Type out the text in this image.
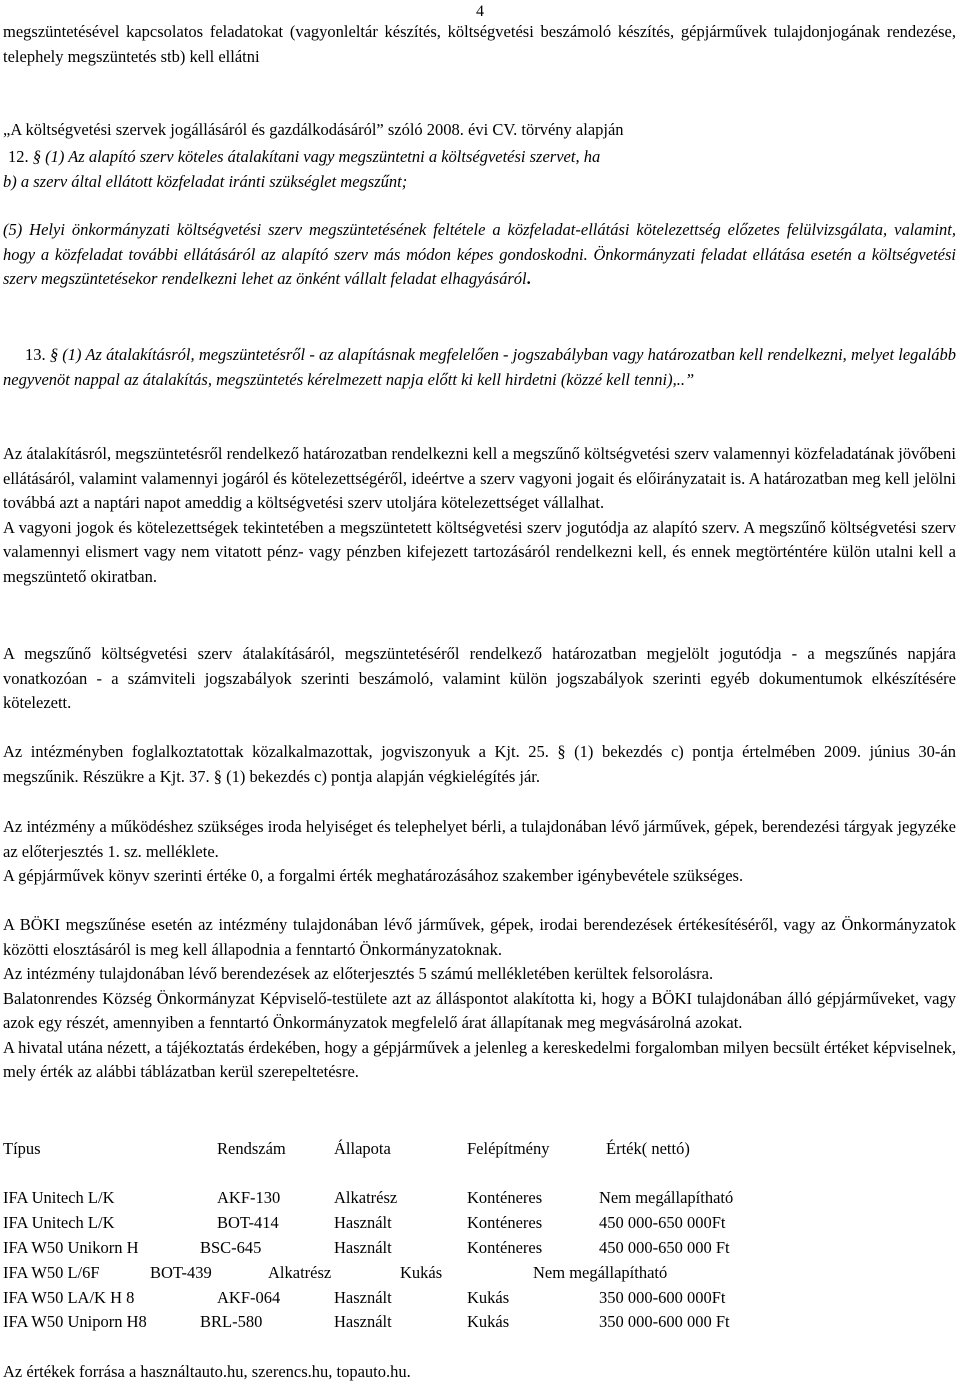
4

megszüntetésével kapcsolatos feladatokat (vagyonleltár készítés, költségvetési beszámoló készítés, gépjárművek tulajdonjogának rendezése, telephely megszüntetés stb) kell ellátni

„A költségvetési szervek jogállásáról és gazdálkodásáról” szóló 2008. évi CV. törvény alapján

12. § (1) Az alapító szerv köteles átalakítani vagy megszüntetni a költségvetési szervet, ha

b) a szerv által ellátott közfeladat iránti szükséglet megszűnt;

(5) Helyi önkormányzati költségvetési szerv megszüntetésének feltétele a közfeladat-ellátási kötelezettség előzetes felülvizsgálata, valamint, hogy a közfeladat további ellátásáról az alapító szerv más módon képes gondoskodni. Önkormányzati feladat ellátása esetén a költségvetési szerv megszüntetésekor rendelkezni lehet az önként vállalt feladat elhagyásáról.

13. § (1) Az átalakításról, megszüntetésről - az alapításnak megfelelően - jogszabályban vagy határozatban kell rendelkezni, melyet legalább negyvenöt nappal az átalakítás, megszüntetés kérelmezett napja előtt ki kell hirdetni (közzé kell tenni),..”

Az átalakításról, megszüntetésről rendelkező határozatban rendelkezni kell a megszűnő költségvetési szerv valamennyi közfeladatának jövőbeni ellátásáról, valamint valamennyi jogáról és kötelezettségéről, ideértve a szerv vagyoni jogait és előirányzatait is. A határozatban meg kell jelölni továbbá azt a naptári napot ameddig a költségvetési szerv utoljára kötelezettséget vállalhat.

A vagyoni jogok és kötelezettségek tekintetében a megszüntetett költségvetési szerv jogutódja az alapító szerv. A megszűnő költségvetési szerv valamennyi elismert vagy nem vitatott pénz- vagy pénzben kifejezett tartozásáról rendelkezni kell, és ennek megtörténtére külön utalni kell a megszüntető okiratban.

A megszűnő költségvetési szerv átalakításáról, megszüntetéséről rendelkező határozatban megjelölt jogutódja - a megszűnés napjára vonatkozóan - a számviteli jogszabályok szerinti beszámoló, valamint külön jogszabályok szerinti egyéb dokumentumok elkészítésére kötelezett.

Az intézményben foglalkoztatottak közalkalmazottak, jogviszonyuk a Kjt. 25. § (1) bekezdés c) pontja értelmében 2009. június 30-án megszűnik. Részükre a Kjt. 37. § (1) bekezdés c) pontja alapján végkielégítés jár.

Az intézmény a működéshez szükséges iroda helyiséget és telephelyet bérli, a tulajdonában lévő járművek, gépek, berendezési tárgyak jegyzéke az előterjesztés 1. sz. melléklete.

A gépjárművek könyv szerinti értéke 0, a forgalmi érték meghatározásához szakember igénybevétele szükséges.

A BÖKI megszűnése esetén az intézmény tulajdonában lévő járművek, gépek, irodai berendezések értékesítéséről, vagy az Önkormányzatok közötti elosztásáról is meg kell állapodnia a fenntartó Önkormányzatoknak.

Az intézmény tulajdonában lévő berendezések az előterjesztés 5 számú mellékletében kerültek felsorolásra.

Balatonrendes Község Önkormányzat Képviselő-testülete azt az álláspontot alakította ki, hogy a BÖKI tulajdonában álló gépjárműveket, vagy azok egy részét, amennyiben a fenntartó Önkormányzatok megfelelő árat állapítanak meg megvásárolná azokat.

A hivatal utána nézett, a tájékoztatás érdekében, hogy a gépjárművek a jelenleg a kereskedelmi forgalomban milyen becsült értéket képviselnek, mely érték az alábbi táblázatban kerül szerepeltetésre.

Típus	Rendszám	Állapota	Felépítmény	Érték( nettó)
IFA Unitech L/K	AKF-130	Alkatrész	Konténeres	Nem megállapítható
IFA Unitech L/K	BOT-414	Használt	Konténeres	450 000-650 000Ft
IFA W50 Unikorn H	BSC-645	Használt	Konténeres	450 000-650 000 Ft
IFA W50 L/6F	BOT-439	Alkatrész	Kukás	Nem megállapítható
IFA W50 LA/K H 8	AKF-064	Használt	Kukás	350 000-600 000Ft
IFA W50 Uniporn H8	BRL-580	Használt	Kukás	350 000-600 000 Ft

Az értékek forrása a használtauto.hu, szerencs.hu, topauto.hu.
